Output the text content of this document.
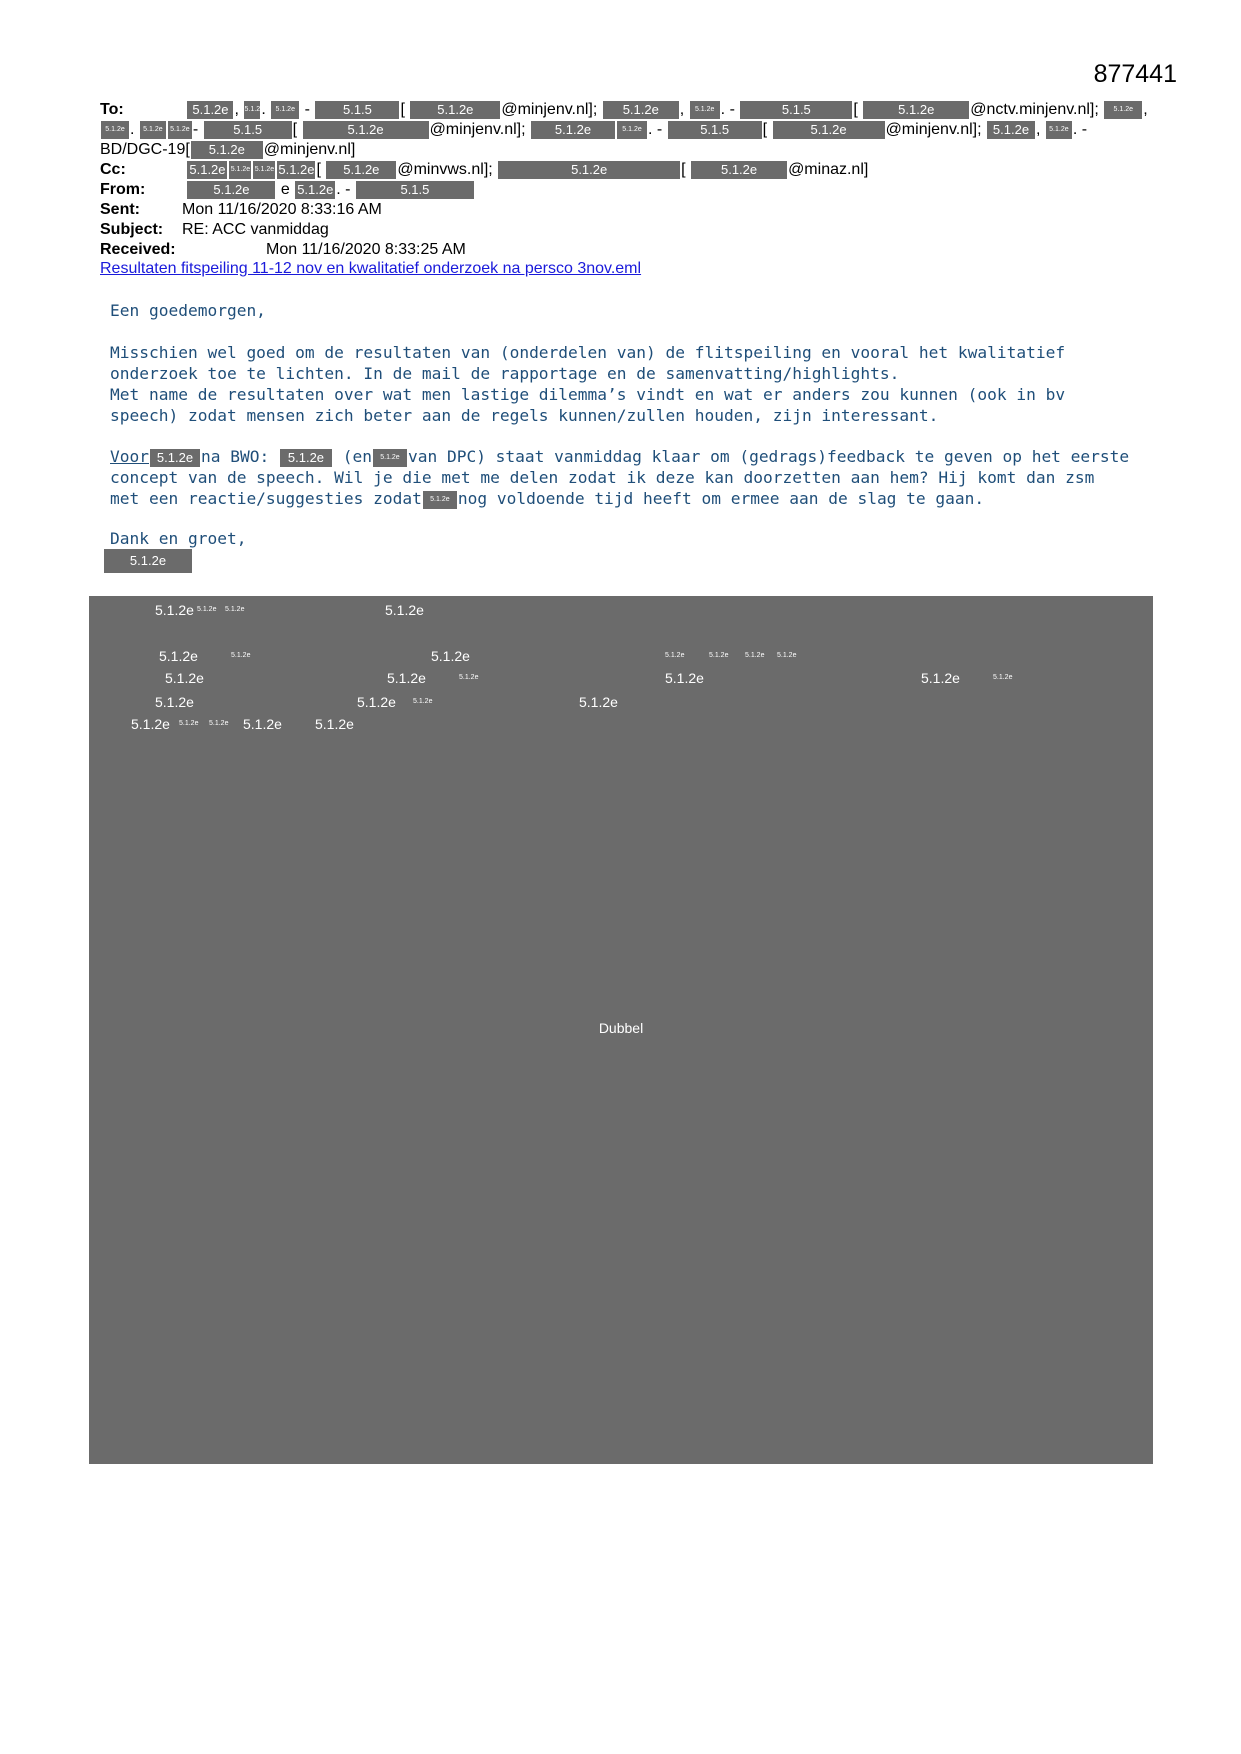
877441
To:	5.1.2e , 5.1.2. 5.1.2e - 5.1.5 [ 5.1.2e @minjenv.nl]; 5.1.2e , 5.1.2e . -	5.1.5	[	5.1.2e @nctv.minjenv.nl]; 5.1.2e ,
5.1.2e . 5.1.2e 5.1.2e - 5.1.5 [	5.1.2e	@minjenv.nl]; 5.1.2e	5.1.2e . -	5.1.5 [	5.1.2e @minjenv.nl]; 5.1.2e , 5.1.2e . -
BD/DGC-19[ 5.1.2e @minjenv.nl]
Cc:	5.1.2e 5.1.2e 5.1.2e 5.1.2e [ 5.1.2e @minvws.nl];	5.1.2e	[ 5.1.2e @minaz.nl]
From:	5.1.2e e 5.1.2e . -	5.1.5
Sent:	Mon 11/16/2020 8:33:16 AM
Subject: RE: ACC vanmiddag
Received:	Mon 11/16/2020 8:33:25 AM
Resultaten fitspeiling 11-12 nov en kwalitatief onderzoek na persco 3nov.eml

Een goedemorgen,

Misschien wel goed om de resultaten van (onderdelen van) de flitspeiling en vooral het kwalitatief onderzoek toe te lichten. In de mail de rapportage en de samenvatting/highlights.

Met name de resultaten over wat men lastige dilemma’s vindt en wat er anders zou kunnen (ook in bv speech) zodat mensen zich beter aan de regels kunnen/zullen houden, zijn interessant.

Voor 5.1.2e na BWO: 5.1.2e (en 5.1.2e van DPC) staat vanmiddag klaar om (gedrags)feedback te geven op het eerste concept van de speech. Wil je die met me delen zodat ik deze kan doorzetten aan hem? Hij komt dan zsm met een reactie/suggesties zodat 5.1.2e nog voldoende tijd heeft om ermee aan de slag te gaan.

Dank en groet,

5.1.2e
5.1.2e 5.1.2e 5.1.2e	5.1.2e
5.1.2e	5.1.2e	5.1.2e	5.1.2e	5.1.2e 5.1.2e 5.1.2e
5.1.2e	5.1.2e	5.1.2e	5.1.2e	5.1.2e	5.1.2e
5.1.2e	5.1.2e 5.1.2e	5.1.2e
5.1.2e 5.1.2e 5.1.2e 5.1.2e 5.1.2e
Dubbel
